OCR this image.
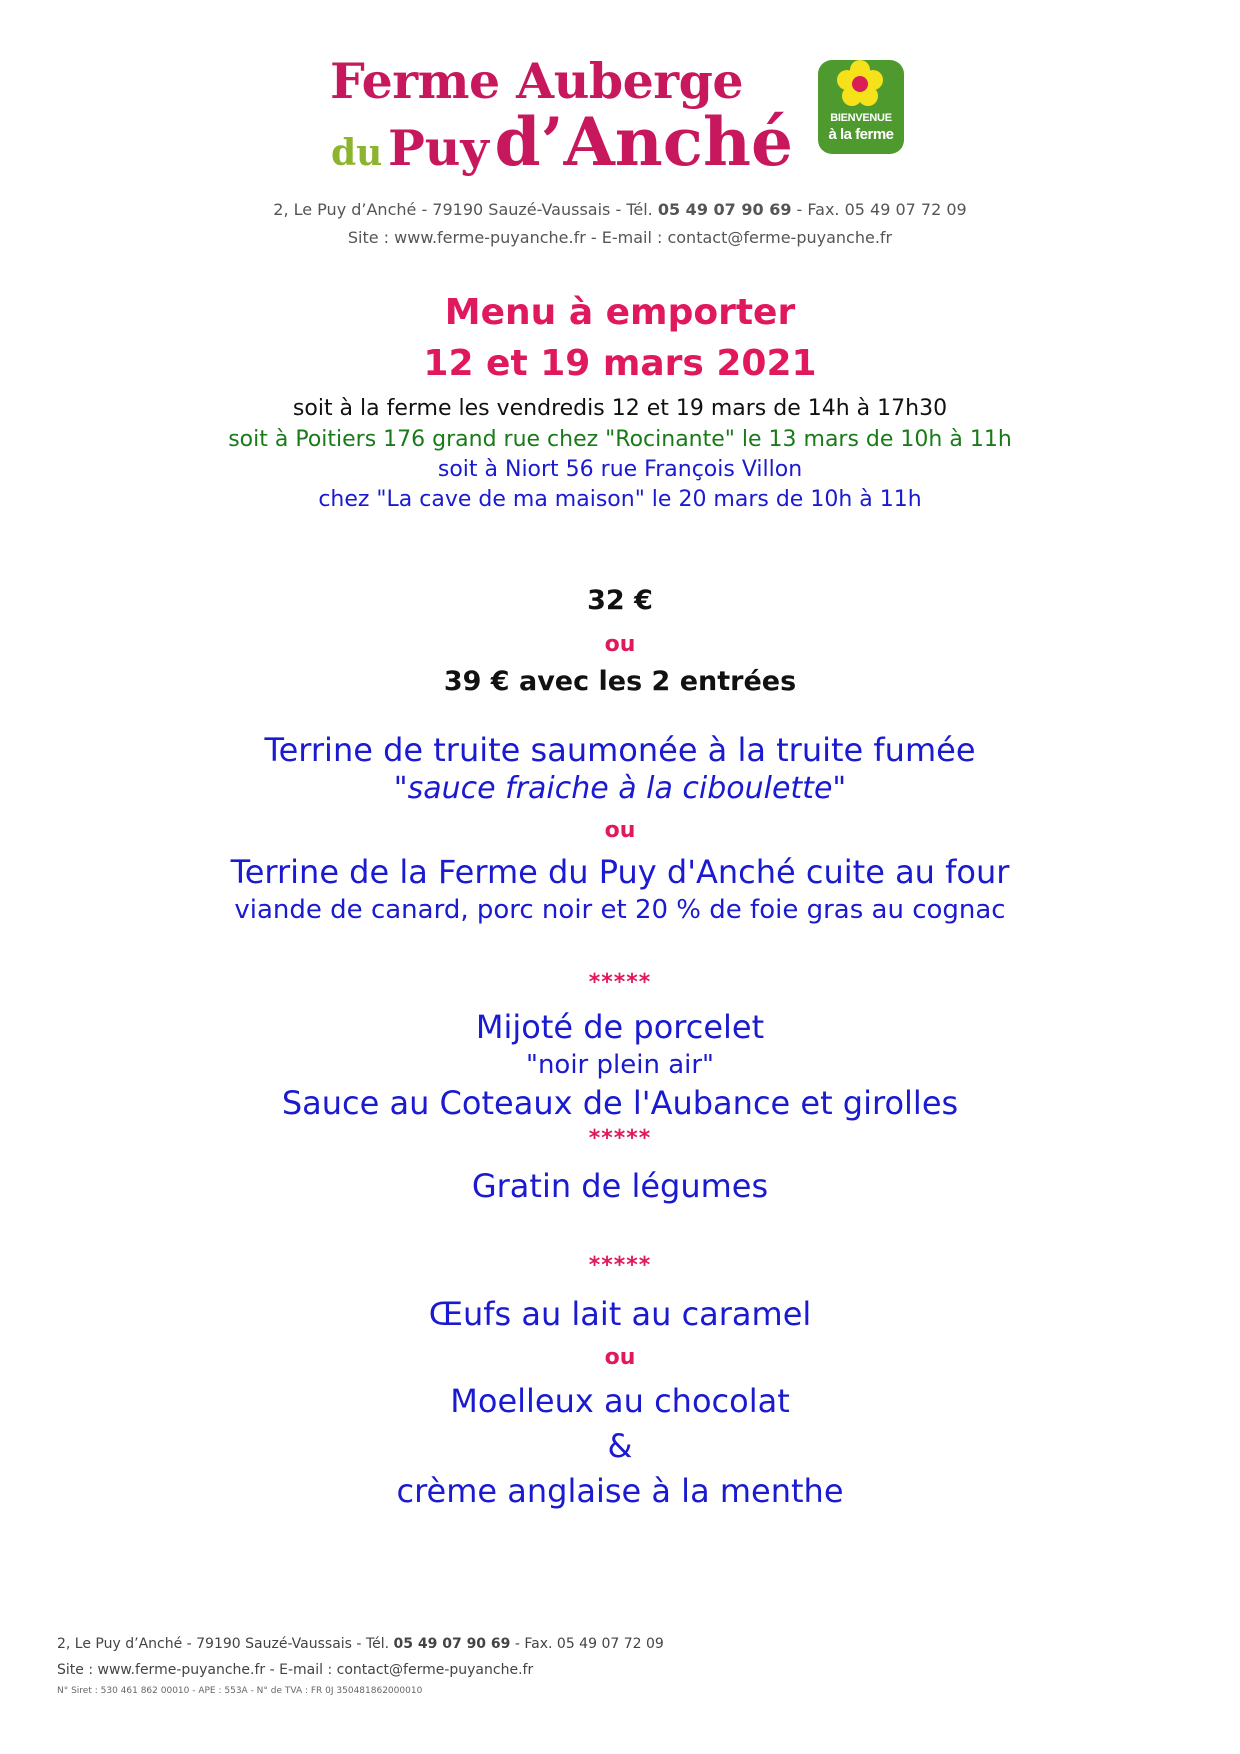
Ferme Auberge
du Puy d’Anché	BIENVENUE
à la ferme
2, Le Puy d’Anché - 79190 Sauzé-Vaussais - Tél. 05 49 07 90 69 - Fax. 05 49 07 72 09
Site : www.ferme-puyanche.fr - E-mail : contact@ferme-puyanche.fr
Menu à emporter
12 et 19 mars 2021
soit à la ferme les vendredis 12 et 19 mars de 14h à 17h30
soit à Poitiers 176 grand rue chez "Rocinante" le 13 mars de 10h à 11h
soit à Niort 56 rue François Villon
chez "La cave de ma maison" le 20 mars de 10h à 11h
32 €
ou
39 € avec les 2 entrées
Terrine de truite saumonée à la truite fumée
"sauce fraiche à la ciboulette"
ou
Terrine de la Ferme du Puy d'Anché cuite au four
viande de canard, porc noir et 20 % de foie gras au cognac
*****
Mijoté de porcelet
"noir plein air"
Sauce au Coteaux de l'Aubance et girolles
*****
Gratin de légumes
*****
Œufs au lait au caramel
ou
Moelleux au chocolat
&
crème anglaise à la menthe
2, Le Puy d’Anché - 79190 Sauzé-Vaussais - Tél. 05 49 07 90 69 - Fax. 05 49 07 72 09
Site : www.ferme-puyanche.fr - E-mail : contact@ferme-puyanche.fr
N° Siret : 530 461 862 00010 - APE : 553A - N° de TVA : FR 0J 350481862000010
